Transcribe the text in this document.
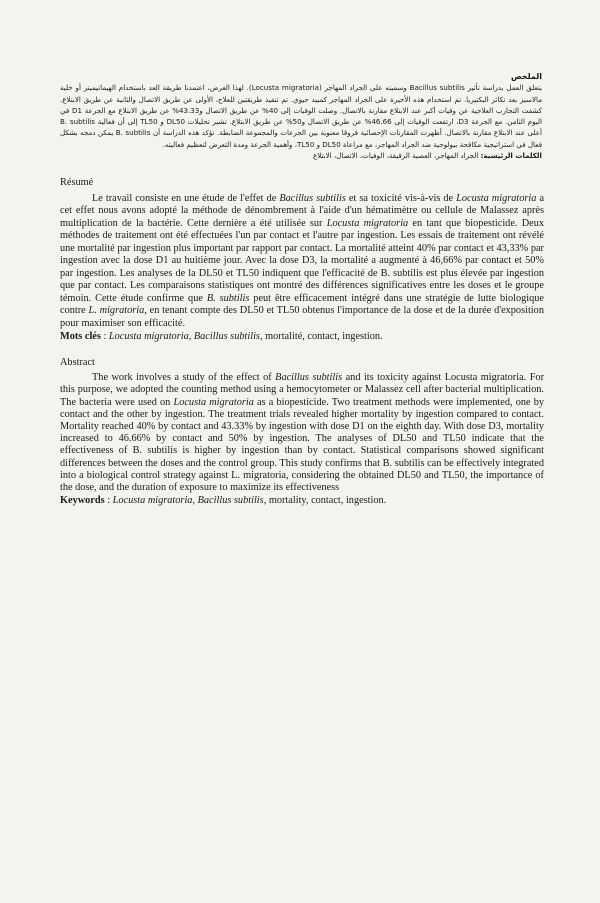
الملخص

يتعلق العمل بدراسة تأثير Bacillus subtilis وسميته على الجراد المهاجر (Locusta migratoria). لهذا الغرض، اعتمدنا طريقة العد باستخدام الهيماتيميتر أو خلية مالاسيز بعد تكاثر البكتيريا. تم استخدام هذه الأخيرة على الجراد المهاجر كمبيد حيوي. تم تنفيذ طريقتين للعلاج، الأولى عن طريق الاتصال والثانية عن طريق الابتلاع. كشفت التجارب العلاجية عن وفيات أكبر عند الابتلاع مقارنة بالاتصال. وصلت الوفيات إلى 40% عن طريق الاتصال و43.33% عن طريق الابتلاع مع الجرعة D1 في اليوم الثامن. مع الجرعة D3، ارتفعت الوفيات إلى 46.66% عن طريق الاتصال و50% عن طريق الابتلاع. تشير تحليلات DL50 و TL50 إلى أن فعالية B. subtilis أعلى عند الابتلاع مقارنة بالاتصال. أظهرت المقارنات الإحصائية فروقا معنوية بين الجرعات والمجموعة الضابطة. تؤكد هذه الدراسة أن B. subtilis يمكن دمجه بشكل فعال في استراتيجية مكافحة بيولوجية ضد الجراد المهاجر، مع مراعاة DL50 و TL50، وأهمية الجرعة ومدة التعرض لتعظيم فعاليته.

الكلمات الرئيسية: الجراد المهاجر، العصية الرقيقة، الوفيات، الاتصال، الابتلاع

Résumé

Le travail consiste en une étude de l'effet de Bacillus subtilis et sa toxicité vis-à-vis de Locusta migratoria a cet effet nous avons adopté la méthode de dénombrement à l'aide d'un hématimètre ou cellule de Malassez après multiplication de la bactérie. Cette dernière a été utilisée sur Locusta migratoria en tant que biopesticide. Deux méthodes de traitement ont été effectuées l'un par contact et l'autre par ingestion. Les essais de traitement ont révélé une mortalité par ingestion plus important par rapport par contact. La mortalité atteint 40% par contact et 43,33% par ingestion avec la dose D1 au huitième jour. Avec la dose D3, la mortalité a augmenté à 46,66% par contact et 50% par ingestion. Les analyses de la DL50 et TL50 indiquent que l'efficacité de B. subtilis est plus élevée par ingestion que par contact. Les comparaisons statistiques ont montré des différences significatives entre les doses et le groupe témoin. Cette étude confirme que B. subtilis peut être efficacement intégré dans une stratégie de lutte biologique contre L. migratoria, en tenant compte des DL50 et TL50 obtenus l'importance de la dose et de la durée d'exposition pour maximiser son efficacité.

Mots clés : Locusta migratoria, Bacillus subtilis, mortalité, contact, ingestion.
Abstract

The work involves a study of the effect of Bacillus subtilis and its toxicity against Locusta migratoria. For this purpose, we adopted the counting method using a hemocytometer or Malassez cell after bacterial multiplication. The bacteria were used on Locusta migratoria as a biopesticide. Two treatment methods were implemented, one by contact and the other by ingestion. The treatment trials revealed higher mortality by ingestion compared to contact. Mortality reached 40% by contact and 43.33% by ingestion with dose D1 on the eighth day. With dose D3, mortality increased to 46.66% by contact and 50% by ingestion. The analyses of DL50 and TL50 indicate that the effectiveness of B. subtilis is higher by ingestion than by contact. Statistical comparisons showed significant differences between the doses and the control group. This study confirms that B. subtilis can be effectively integrated into a biological control strategy against L. migratoria, considering the obtained DL50 and TL50, the importance of the dose, and the duration of exposure to maximize its effectiveness

Keywords : Locusta migratoria, Bacillus subtilis, mortality, contact, ingestion.
